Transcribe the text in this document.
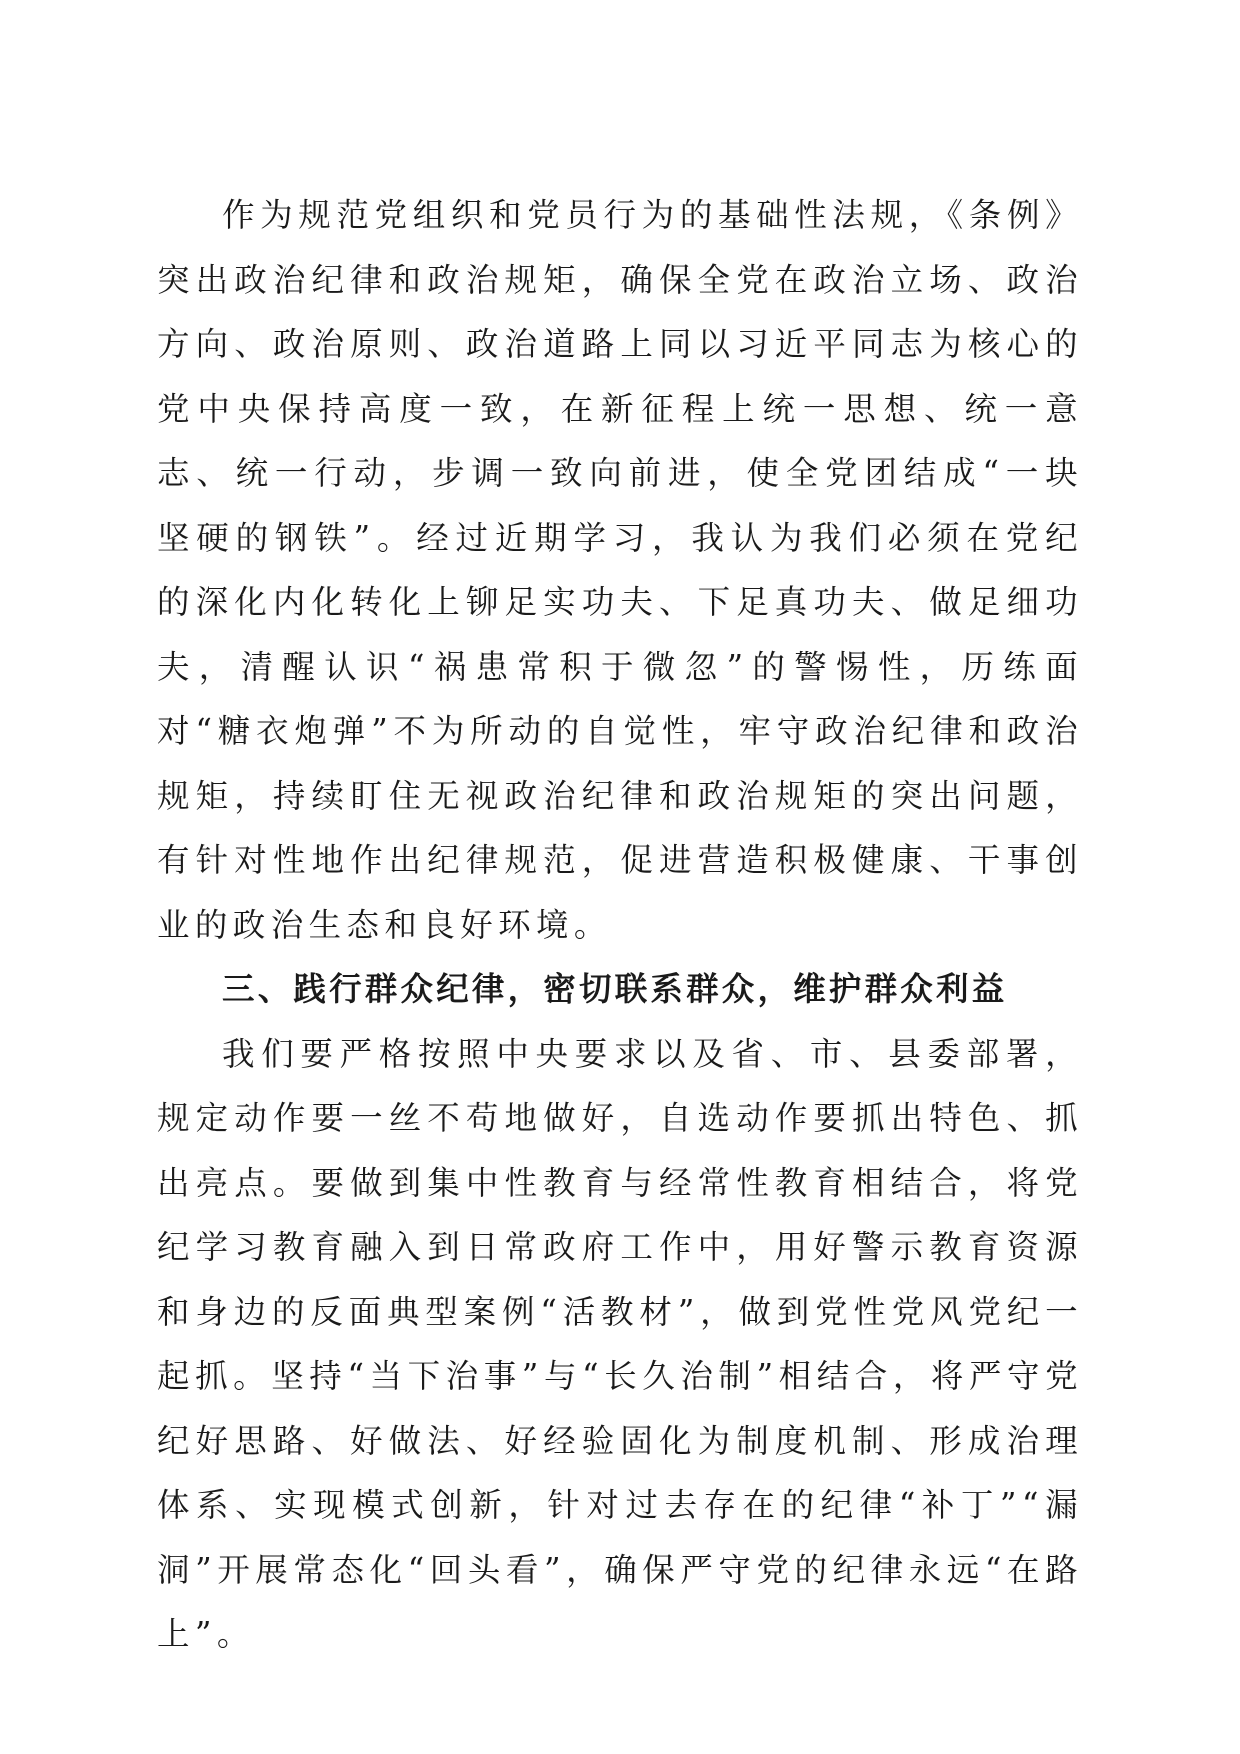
作为规范党组织和党员行为的基础性法规，《条例》突出政治纪律和政治规矩，确保全党在政治立场、政治方向、政治原则、政治道路上同以习近平同志为核心的党中央保持高度一致，在新征程上统一思想、统一意志、统一行动，步调一致向前进，使全党团结成“一块坚硬的钢铁”。经过近期学习，我认为我们必须在党纪的深化内化转化上铆足实功夫、下足真功夫、做足细功夫，清醒认识“祸患常积于微忽”的警惕性，历练面对“糖衣炮弹”不为所动的自觉性，牢守政治纪律和政治规矩，持续盯住无视政治纪律和政治规矩的突出问题，有针对性地作出纪律规范，促进营造积极健康、干事创业的政治生态和良好环境。

三、践行群众纪律，密切联系群众，维护群众利益

我们要严格按照中央要求以及省、市、县委部署，规定动作要一丝不苟地做好，自选动作要抓出特色、抓出亮点。要做到集中性教育与经常性教育相结合，将党纪学习教育融入到日常政府工作中，用好警示教育资源和身边的反面典型案例“活教材”，做到党性党风党纪一起抓。坚持“当下治事”与“长久治制”相结合，将严守党纪好思路、好做法、好经验固化为制度机制、形成治理体系、实现模式创新，针对过去存在的纪律“补丁”“漏洞”开展常态化“回头看”，确保严守党的纪律永远“在路上”。
